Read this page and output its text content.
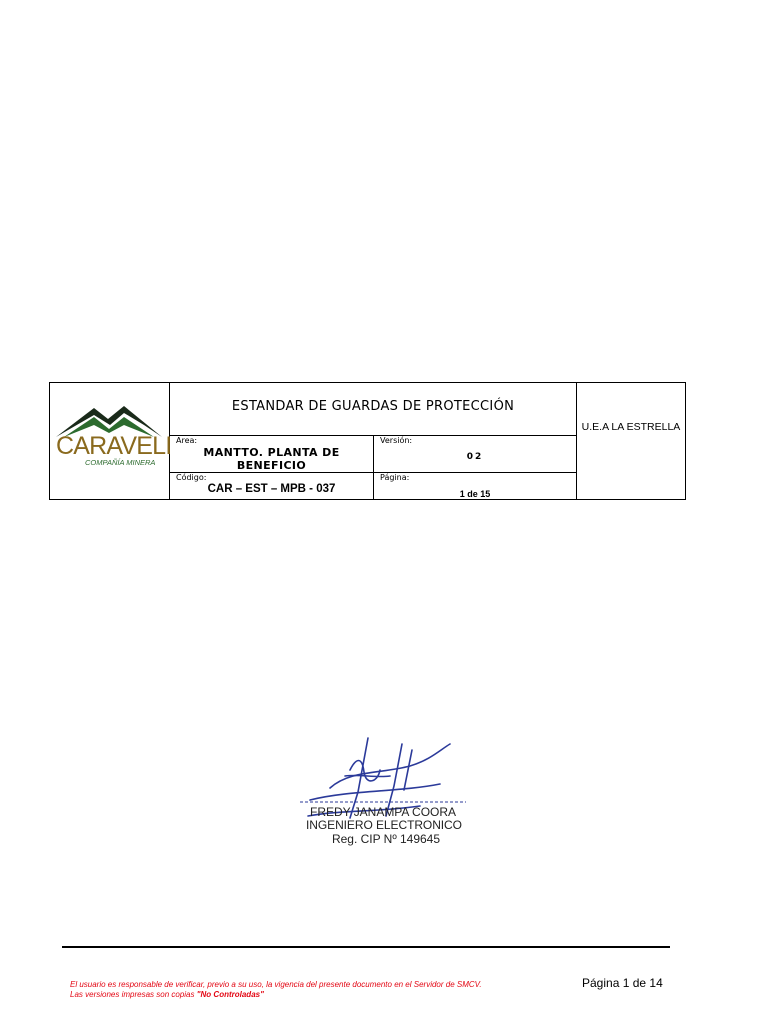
CARAVELI
COMPAÑÍA MINERA
ESTANDAR DE GUARDAS DE PROTECCIÓN
U.E.A LA ESTRELLA
Area:
MANTTO. PLANTA DE BENEFICIO
Versión:
02
Código:
CAR – EST – MPB - 037
Página:
1 de 15
FREDY JANAMPA COORA
INGENIERO ELECTRONICO
Reg. CIP Nº 149645
El usuario es responsable de verificar, previo a su uso, la vigencia del presente documento en el Servidor de SMCV.
Las versiones impresas son copias "No Controladas"
Página 1 de 14
